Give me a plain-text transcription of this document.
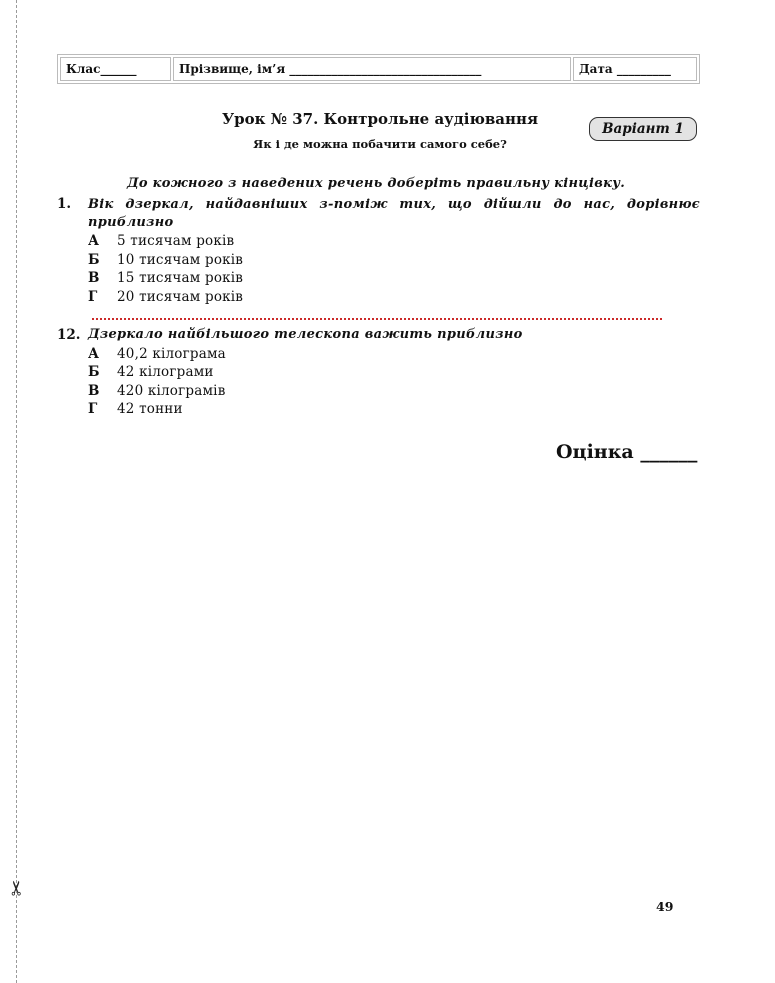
✂
Клас______	Прізвище, ім’я ________________________________	Дата _________
Урок № 37. Контрольне аудіювання
Як і де можна побачити самого себе?
Варіант 1
До кожного з наведених речень доберіть правильну кінцівку.
1. Вік дзеркал, найдавніших з-поміж тих, що дійшли до нас, дорівнює приблизно
А	5 тисячам років
Б	10 тисячам років
В	15 тисячам років
Г	20 тисячам років
12. Дзеркало найбільшого телескопа важить приблизно
А	40,2 кілограма
Б	42 кілограми
В	420 кілограмів
Г	42 тонни
Оцінка ______
49
